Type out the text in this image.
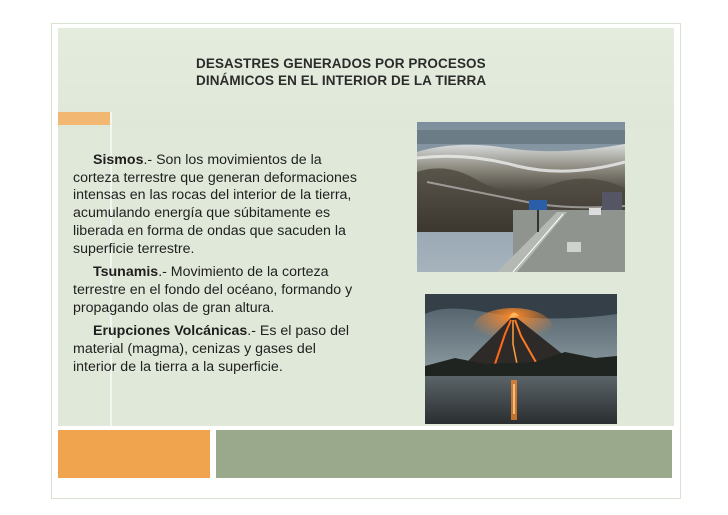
DESASTRES GENERADOS POR PROCESOS
DINÁMICOS EN EL INTERIOR DE LA TIERRA
Sismos.- Son los movimientos de la
corteza terrestre que generan deformaciones
intensas en las rocas del interior de la tierra,
acumulando energía que súbitamente es
liberada en forma de ondas que sacuden la
superficie terrestre.
Tsunamis.- Movimiento de la corteza
terrestre en el fondo del océano, formando y
propagando olas de gran altura.
Erupciones Volcánicas.- Es el paso del
material (magma), cenizas y gases del
interior de la tierra a la superficie.
